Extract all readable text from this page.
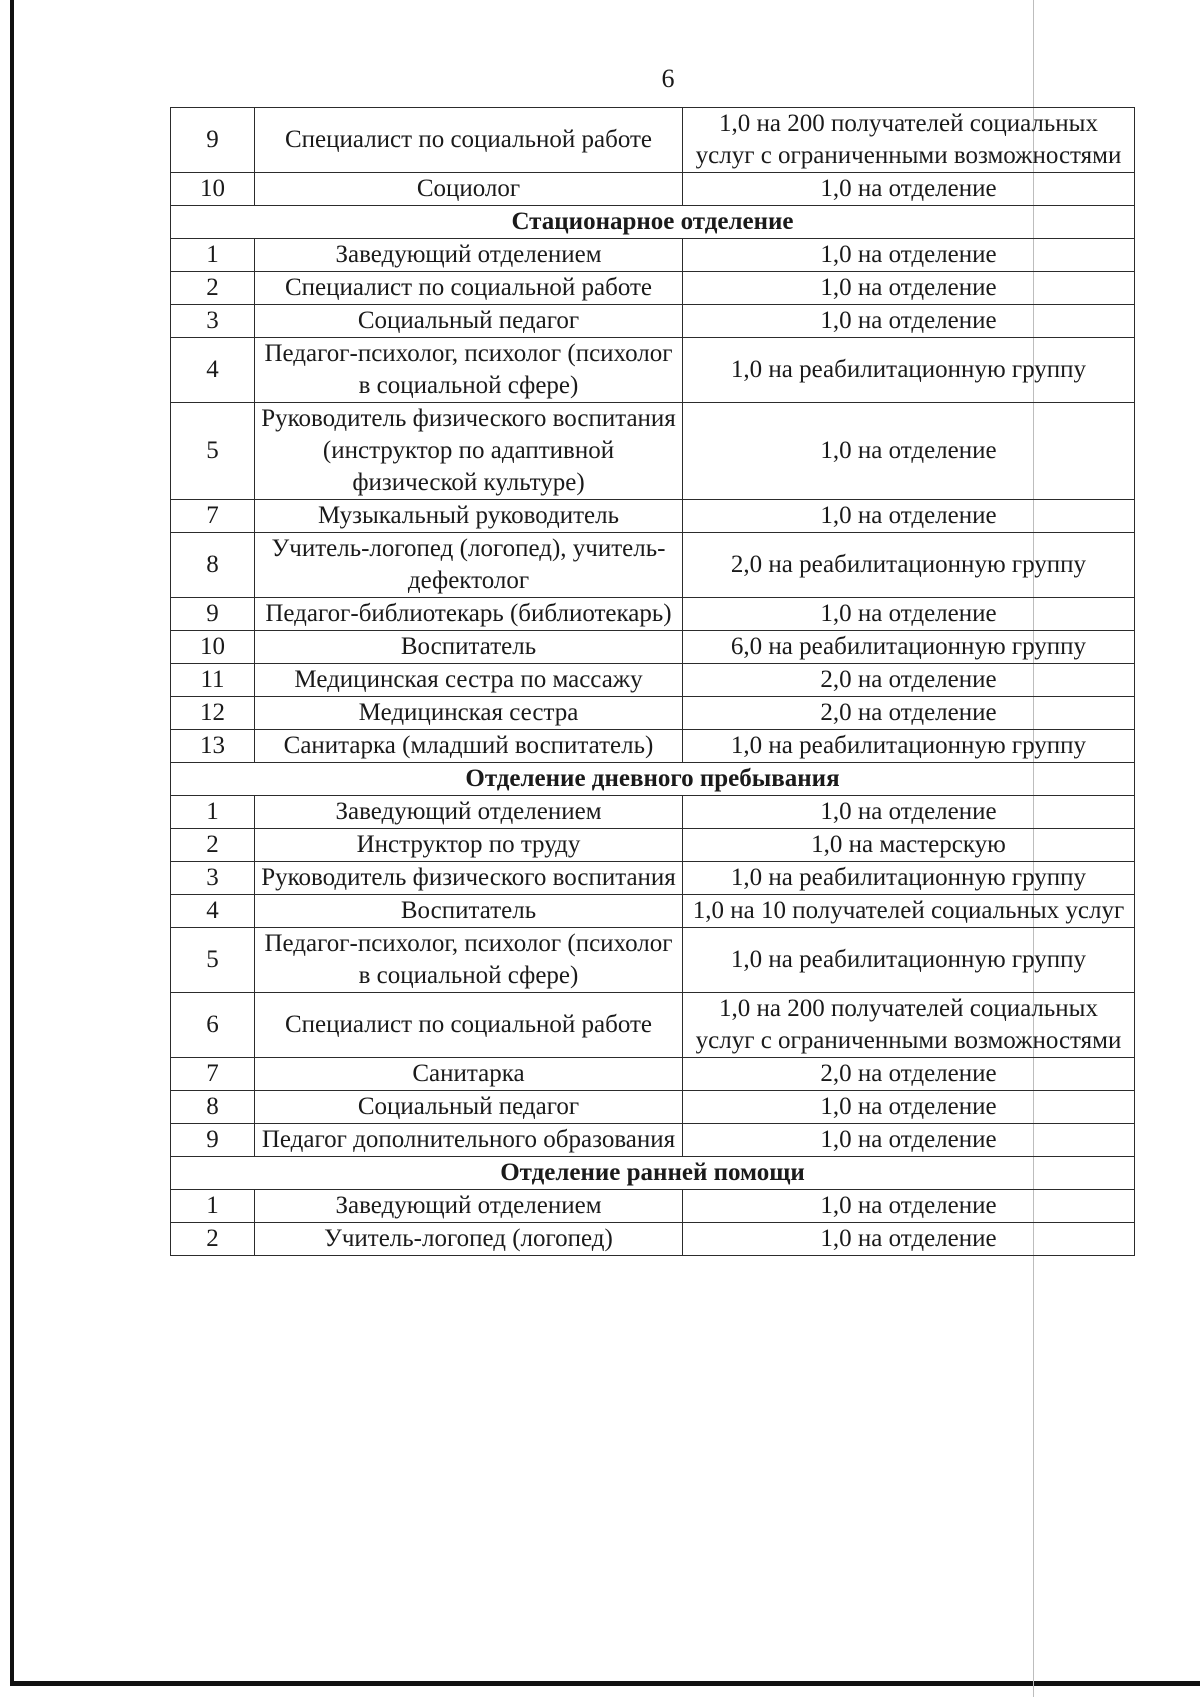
6
9	Специалист по социальной работе	1,0 на 200 получателей социальных услуг с ограниченными возможностями
10	Социолог	1,0 на отделение
Стационарное отделение		
1	Заведующий отделением	1,0 на отделение
2	Специалист по социальной работе	1,0 на отделение
3	Социальный педагог	1,0 на отделение
4	Педагог-психолог, психолог (психолог в социальной сфере)	1,0 на реабилитационную группу
5	Руководитель физического воспитания (инструктор по адаптивной физической культуре)	1,0 на отделение
7	Музыкальный руководитель	1,0 на отделение
8	Учитель-логопед (логопед), учитель-дефектолог	2,0 на реабилитационную группу
9	Педагог-библиотекарь (библиотекарь)	1,0 на отделение
10	Воспитатель	6,0 на реабилитационную группу
11	Медицинская сестра по массажу	2,0 на отделение
12	Медицинская сестра	2,0 на отделение
13	Санитарка (младший воспитатель)	1,0 на реабилитационную группу
Отделение дневного пребывания		
1	Заведующий отделением	1,0 на отделение
2	Инструктор по труду	1,0 на мастерскую
3	Руководитель физического воспитания	1,0 на реабилитационную группу
4	Воспитатель	1,0 на 10 получателей социальных услуг
5	Педагог-психолог, психолог (психолог в социальной сфере)	1,0 на реабилитационную группу
6	Специалист по социальной работе	1,0 на 200 получателей социальных услуг с ограниченными возможностями
7	Санитарка	2,0 на отделение
8	Социальный педагог	1,0 на отделение
9	Педагог дополнительного образования	1,0 на отделение
Отделение ранней помощи		
1	Заведующий отделением	1,0 на отделение
2	Учитель-логопед (логопед)	1,0 на отделение
